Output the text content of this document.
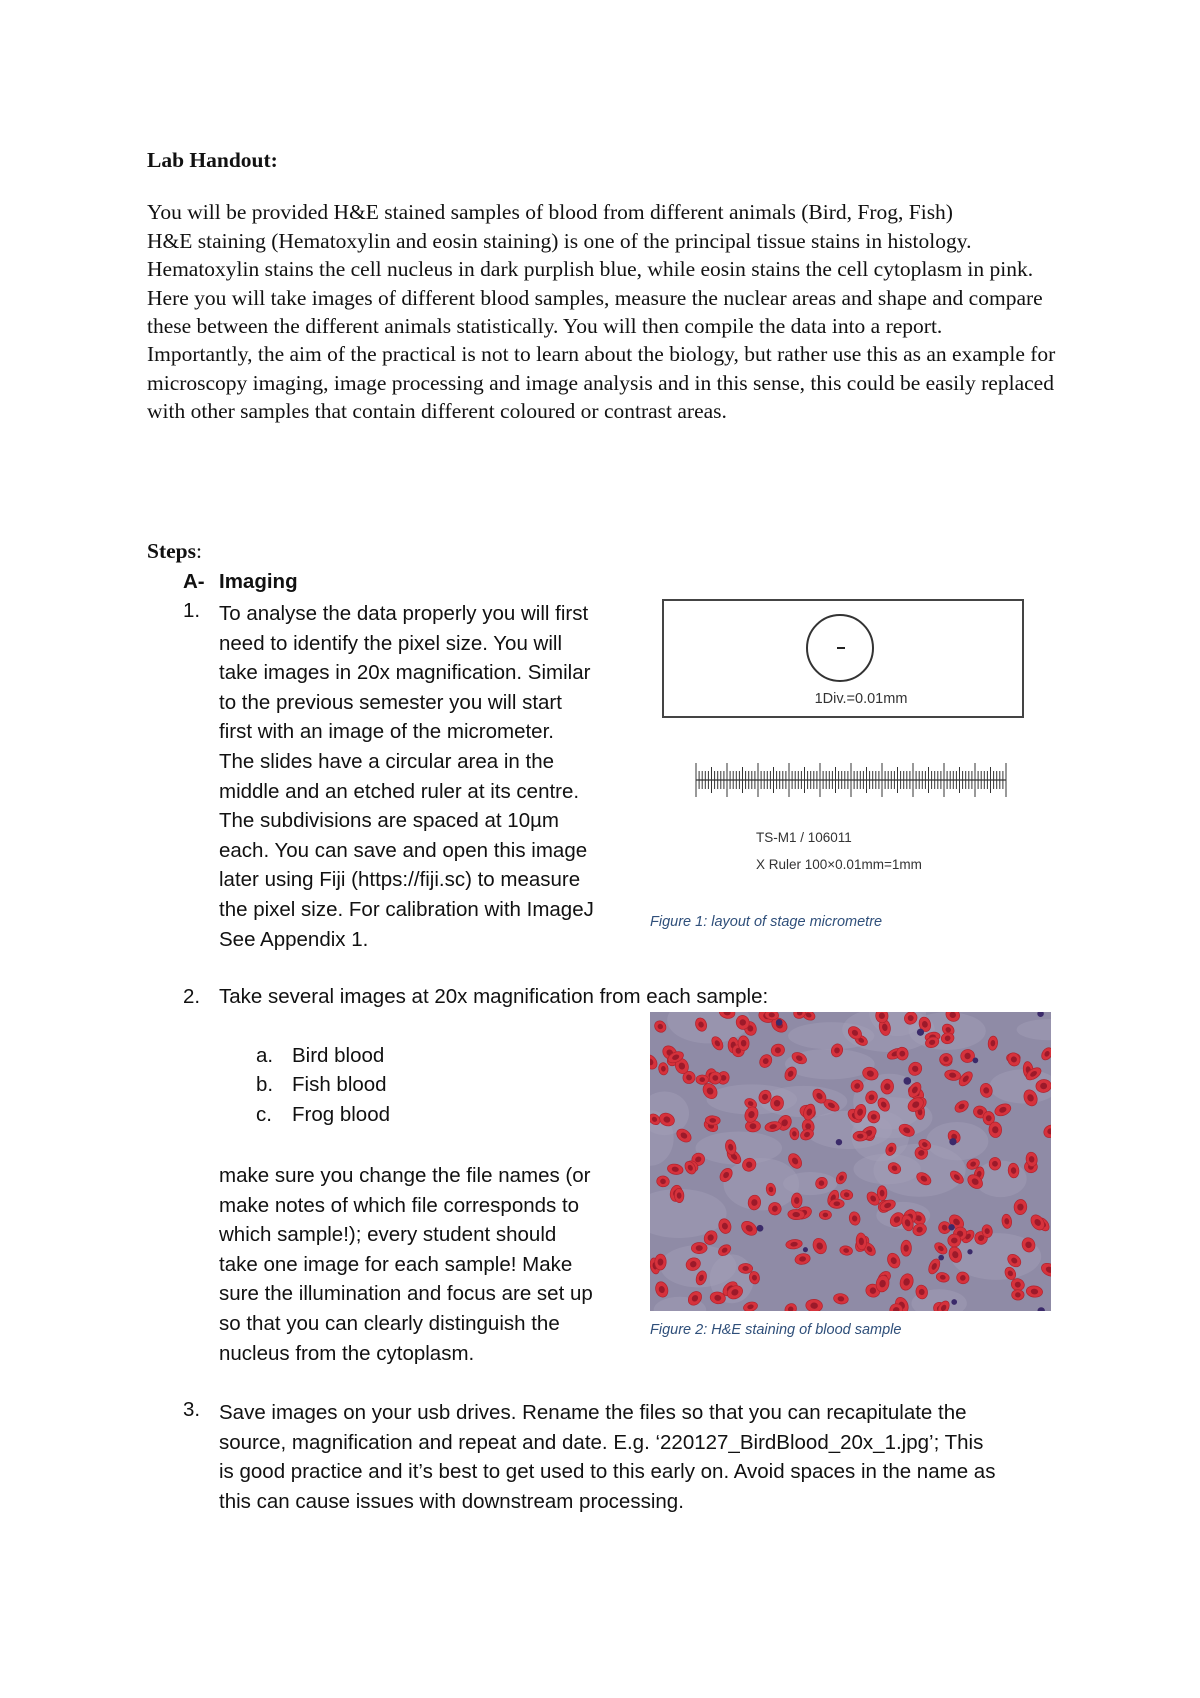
Lab Handout:

You will be provided H&E stained samples of blood from different animals (Bird, Frog, Fish)

H&E staining (Hematoxylin and eosin staining) is one of the principal tissue stains in histology. Hematoxylin stains the cell nucleus in dark purplish blue, while eosin stains the cell cytoplasm in pink.

Here you will take images of different blood samples, measure the nuclear areas and shape and compare these between the different animals statistically. You will then compile the data into a report.

Importantly, the aim of the practical is not to learn about the biology, but rather use this as an example for microscopy imaging, image processing and image analysis and in this sense, this could be easily replaced with other samples that contain different coloured or contrast areas.

Steps:
A- Imaging
1. To analyse the data properly you will first

need to identify the pixel size. You will

take images in 20x magnification. Similar

to the previous semester you will start

first with an image of the micrometer.

The slides have a circular area in the

middle and an etched ruler at its centre.

The subdivisions are spaced at 10µm

each. You can save and open this image

later using Fiji (https://fiji.sc) to measure

the pixel size. For calibration with ImageJ

See Appendix 1.

1Div.=0.01mm
TS-M1 / 106011
X Ruler 100×0.01mm=1mm
Figure 1: layout of stage micrometre
2. Take several images at 20x magnification from each sample:
a. Bird blood
b. Fish blood
c. Frog blood

make sure you change the file names (or

make notes of which file corresponds to

which sample!); every student should

take one image for each sample! Make

sure the illumination and focus are set up

so that you can clearly distinguish the

nucleus from the cytoplasm.

Figure 2: H&E staining of blood sample
3. Save images on your usb drives. Rename the files so that you can recapitulate the

source, magnification and repeat and date. E.g. ‘220127_BirdBlood_20x_1.jpg’; This

is good practice and it’s best to get used to this early on. Avoid spaces in the name as

this can cause issues with downstream processing.
